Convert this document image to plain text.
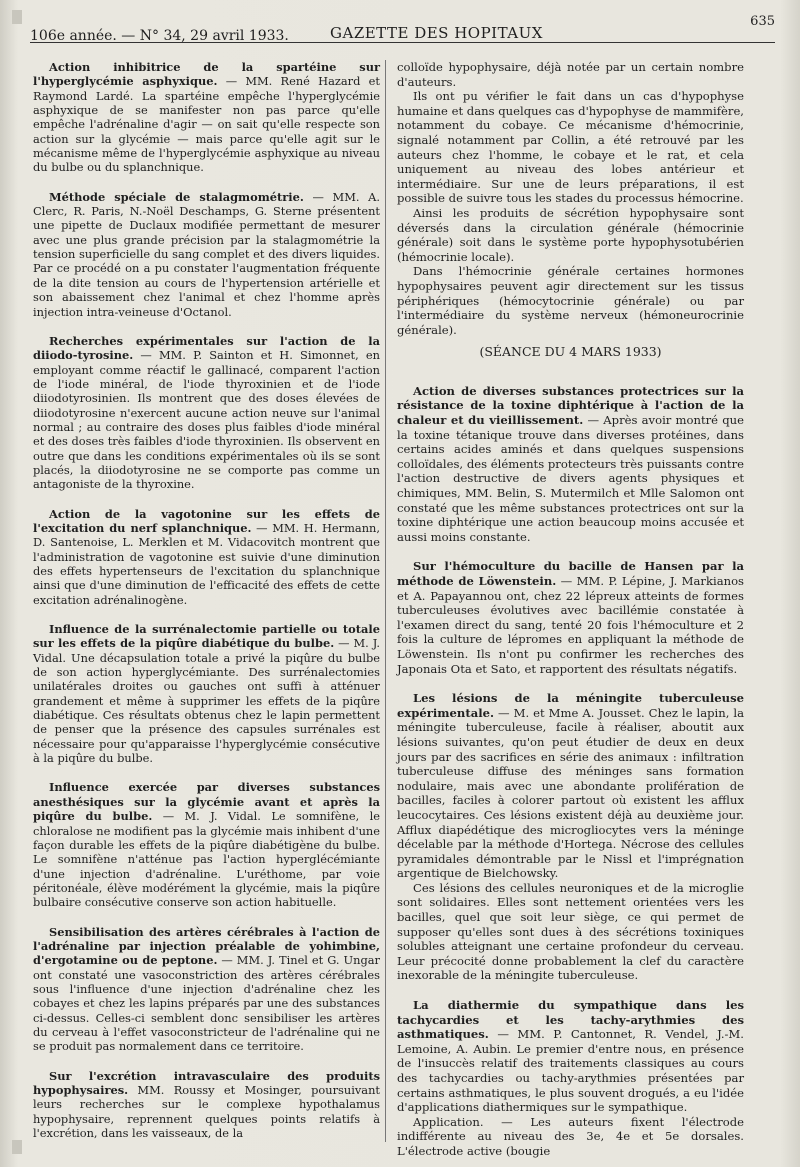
106e année. — N° 34, 29 avril 1933.	GAZETTE DES HOPITAUX
635

Action inhibitrice de la spartéine sur l'hyperglycémie asphyxique. — MM. René Hazard et Raymond Lardé. La spartéine empêche l'hyperglycémie asphyxique de se manifester non pas parce qu'elle empêche l'adrénaline d'agir — on sait qu'elle respecte son action sur la glycémie — mais parce qu'elle agit sur le mécanisme même de l'hyperglycémie asphyxique au niveau du bulbe ou du splanchnique.

Méthode spéciale de stalagmométrie. — MM. A. Clerc, R. Paris, N.-Noël Deschamps, G. Sterne présentent une pipette de Duclaux modifiée permettant de mesurer avec une plus grande précision par la stalagmométrie la tension superficielle du sang complet et des divers liquides. Par ce procédé on a pu constater l'augmentation fréquente de la dite tension au cours de l'hypertension artérielle et son abaissement chez l'animal et chez l'homme après injection intra-veineuse d'Octanol.

Recherches expérimentales sur l'action de la diiodo-tyrosine. — MM. P. Sainton et H. Simonnet, en employant comme réactif le gallinacé, comparent l'action de l'iode minéral, de l'iode thyroxinien et de l'iode diiodotyrosinien. Ils montrent que des doses élevées de diiodotyrosine n'exercent aucune action neuve sur l'animal normal ; au contraire des doses plus faibles d'iode minéral et des doses très faibles d'iode thyroxinien. Ils observent en outre que dans les conditions expérimentales où ils se sont placés, la diiodotyrosine ne se comporte pas comme un antagoniste de la thyroxine.

Action de la vagotonine sur les effets de l'excitation du nerf splanchnique. — MM. H. Hermann, D. Santenoise, L. Merklen et M. Vidacovitch montrent que l'administration de vagotonine est suivie d'une diminution des effets hypertenseurs de l'excitation du splanchnique ainsi que d'une diminution de l'efficacité des effets de cette excitation adrénalinogène.

Influence de la surrénalectomie partielle ou totale sur les effets de la piqûre diabétique du bulbe. — M. J. Vidal. Une décapsulation totale a privé la piqûre du bulbe de son action hyperglycémiante. Des surrénalectomies unilatérales droites ou gauches ont suffi à atténuer grandement et même à supprimer les effets de la piqûre diabétique. Ces résultats obtenus chez le lapin permettent de penser que la présence des capsules surrénales est nécessaire pour qu'apparaisse l'hyperglycémie consécutive à la piqûre du bulbe.

Influence exercée par diverses substances anesthésiques sur la glycémie avant et après la piqûre du bulbe. — M. J. Vidal. Le somnifène, le chloralose ne modifient pas la glycémie mais inhibent d'une façon durable les effets de la piqûre diabétigène du bulbe. Le somnifène n'atténue pas l'action hyperglécémiante d'une injection d'adrénaline. L'uréthome, par voie péritonéale, élève modérément la glycémie, mais la piqûre bulbaire consécutive conserve son action habituelle.

Sensibilisation des artères cérébrales à l'action de l'adrénaline par injection préalable de yohimbine, d'ergotamine ou de peptone. — MM. J. Tinel et G. Ungar ont constaté une vasoconstriction des artères cérébrales sous l'influence d'une injection d'adrénaline chez les cobayes et chez les lapins préparés par une des substances ci-dessus. Celles-ci semblent donc sensibiliser les artères du cerveau à l'effet vasoconstricteur de l'adrénaline qui ne se produit pas normalement dans ce territoire.

Sur l'excrétion intravasculaire des produits hypophysaires. MM. Roussy et Mosinger, poursuivant leurs recherches sur le complexe hypothalamus hypophysaire, reprennent quelques points relatifs à l'excrétion, dans les vaisseaux, de la

colloïde hypophysaire, déjà notée par un certain nombre d'auteurs.

Ils ont pu vérifier le fait dans un cas d'hypophyse humaine et dans quelques cas d'hypophyse de mammifère, notamment du cobaye. Ce mécanisme d'hémocrinie, signalé notamment par Collin, a été retrouvé par les auteurs chez l'homme, le cobaye et le rat, et cela uniquement au niveau des lobes antérieur et intermédiaire. Sur une de leurs préparations, il est possible de suivre tous les stades du processus hémocrine.

Ainsi les produits de sécrétion hypophysaire sont déversés dans la circulation générale (hémocrinie générale) soit dans le système porte hypophysotubérien (hémocrinie locale).

Dans l'hémocrinie générale certaines hormones hypophysaires peuvent agir directement sur les tissus périphériques (hémocytocrinie générale) ou par l'intermédiaire du système nerveux (hémoneurocrinie générale).

(SÉANCE DU 4 MARS 1933)

Action de diverses substances protectrices sur la résistance de la toxine diphtérique à l'action de la chaleur et du vieillissement. — Après avoir montré que la toxine tétanique trouve dans diverses protéines, dans certains acides aminés et dans quelques suspensions colloïdales, des éléments protecteurs très puissants contre l'action destructive de divers agents physiques et chimiques, MM. Belin, S. Mutermilch et Mlle Salomon ont constaté que les même substances protectrices ont sur la toxine diphtérique une action beaucoup moins accusée et aussi moins constante.

Sur l'hémoculture du bacille de Hansen par la méthode de Löwenstein. — MM. P. Lépine, J. Markianos et A. Papayannou ont, chez 22 lépreux atteints de formes tuberculeuses évolutives avec bacillémie constatée à l'examen direct du sang, tenté 20 fois l'hémoculture et 2 fois la culture de lépromes en appliquant la méthode de Löwenstein. Ils n'ont pu confirmer les recherches des Japonais Ota et Sato, et rapportent des résultats négatifs.

Les lésions de la méningite tuberculeuse expérimentale. — M. et Mme A. Jousset. Chez le lapin, la méningite tuberculeuse, facile à réaliser, aboutit aux lésions suivantes, qu'on peut étudier de deux en deux jours par des sacrifices en série des animaux : infiltration tuberculeuse diffuse des méninges sans formation nodulaire, mais avec une abondante prolifération de bacilles, faciles à colorer partout où existent les afflux leucocytaires. Ces lésions existent déjà au deuxième jour. Afflux diapédétique des microgliocytes vers la méninge décelable par la méthode d'Hortega. Nécrose des cellules pyramidales démontrable par le Nissl et l'imprégnation argentique de Bielchowsky.

Ces lésions des cellules neuroniques et de la microglie sont solidaires. Elles sont nettement orientées vers les bacilles, quel que soit leur siège, ce qui permet de supposer qu'elles sont dues à des sécrétions toxiniques solubles atteignant une certaine profondeur du cerveau. Leur précocité donne probablement la clef du caractère inexorable de la méningite tuberculeuse.

La diathermie du sympathique dans les tachycardies et les tachy-arythmies des asthmatiques. — MM. P. Cantonnet, R. Vendel, J.-M. Lemoine, A. Aubin. Le premier d'entre nous, en présence de l'insuccès relatif des traitements classiques au cours des tachycardies ou tachy-arythmies présentées par certains asthmatiques, le plus souvent drogués, a eu l'idée d'applications diathermiques sur le sympathique.

Application. — Les auteurs fixent l'électrode indifférente au niveau des 3e, 4e et 5e dorsales. L'électrode active (bougie
